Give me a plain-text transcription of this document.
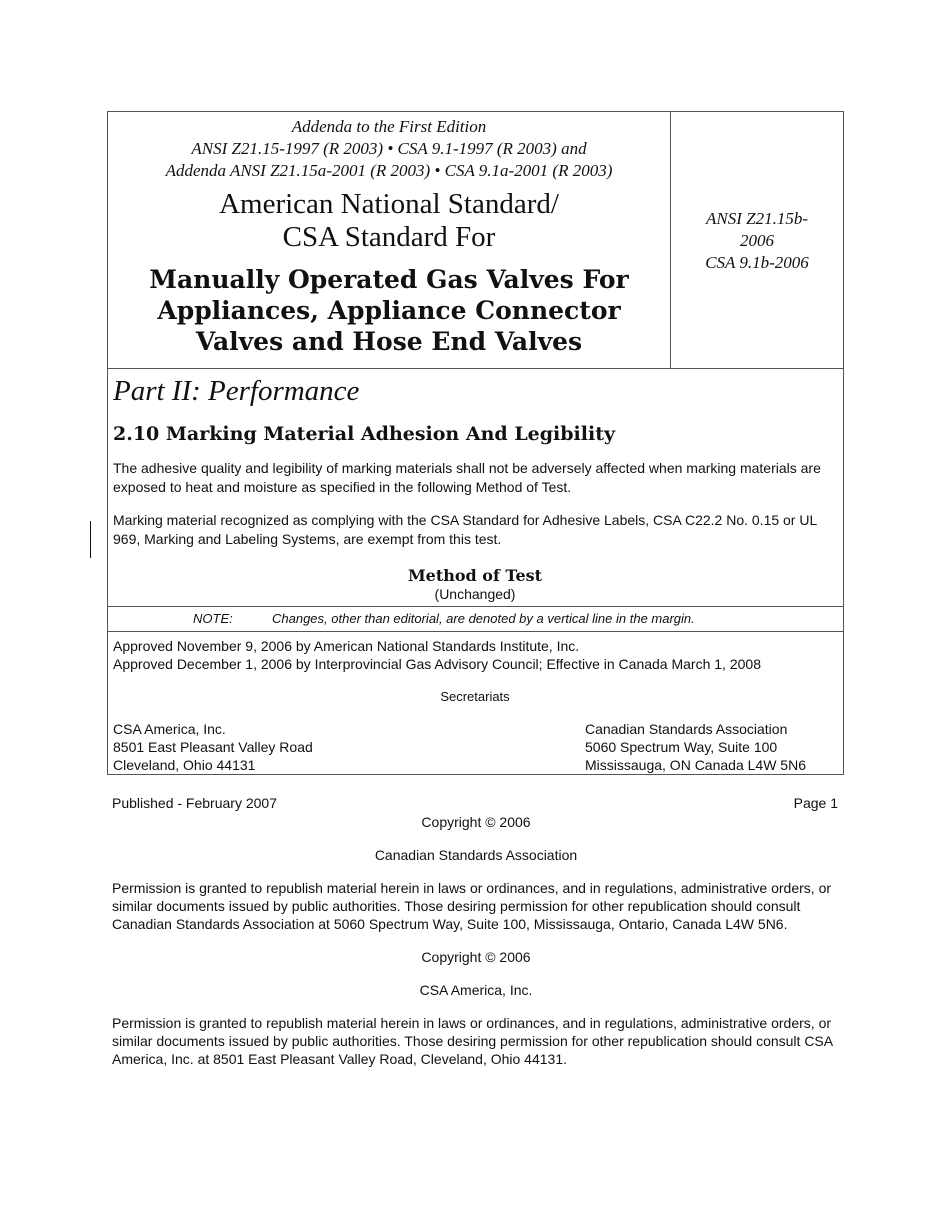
Addenda to the First Edition
ANSI Z21.15-1997 (R 2003) • CSA 9.1-1997 (R 2003) and
Addenda ANSI Z21.15a-2001 (R 2003) • CSA 9.1a-2001 (R 2003)
American National Standard/
CSA Standard For
Manually Operated Gas Valves For
Appliances, Appliance Connector
Valves and Hose End Valves
ANSI Z21.15b-
2006
CSA 9.1b-2006
Part II: Performance
2.10 Marking Material Adhesion And Legibility
The adhesive quality and legibility of marking materials shall not be adversely affected when marking materials are exposed to heat and moisture as specified in the following Method of Test.
Marking material recognized as complying with the CSA Standard for Adhesive Labels, CSA C22.2 No. 0.15 or UL 969, Marking and Labeling Systems, are exempt from this test.
Method of Test
(Unchanged)
NOTE:	Changes, other than editorial, are denoted by a vertical line in the margin.
Approved November 9, 2006 by American National Standards Institute, Inc.
Approved December 1, 2006 by Interprovincial Gas Advisory Council; Effective in Canada March 1, 2008
Secretariats
CSA America, Inc.
8501 East Pleasant Valley Road
Cleveland, Ohio 44131
Canadian Standards Association
5060 Spectrum Way, Suite 100
Mississauga, ON Canada L4W 5N6
Published - February 2007	Page 1
Copyright © 2006
Canadian Standards Association
Permission is granted to republish material herein in laws or ordinances, and in regulations, administrative orders, or similar documents issued by public authorities. Those desiring permission for other republication should consult Canadian Standards Association at 5060 Spectrum Way, Suite 100, Mississauga, Ontario, Canada L4W 5N6.
Copyright © 2006
CSA America, Inc.
Permission is granted to republish material herein in laws or ordinances, and in regulations, administrative orders, or similar documents issued by public authorities. Those desiring permission for other republication should consult CSA America, Inc. at 8501 East Pleasant Valley Road, Cleveland, Ohio 44131.
